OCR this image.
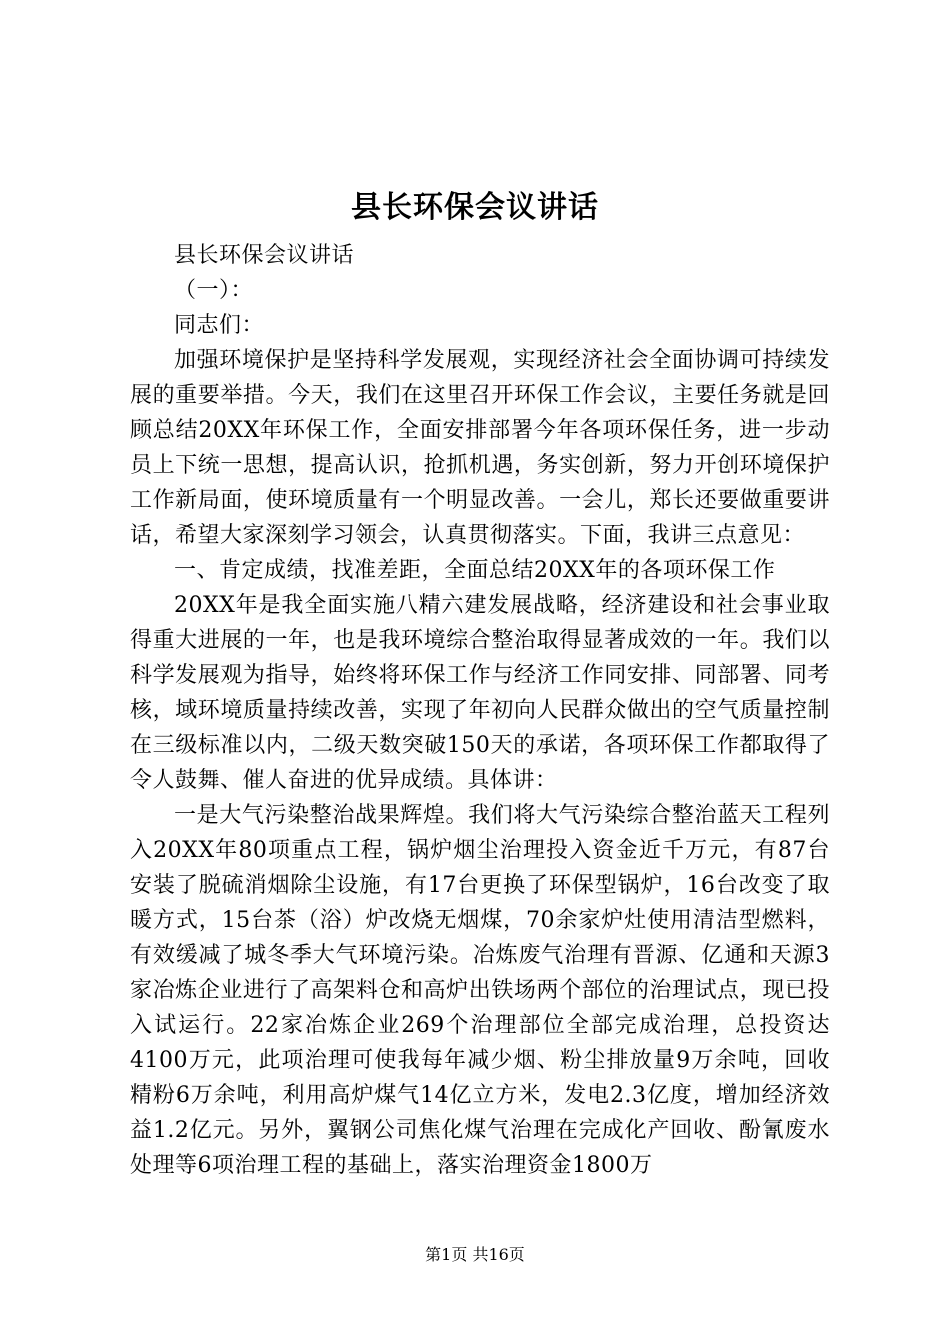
县长环保会议讲话

县长环保会议讲话

（一）：

同志们：

加强环境保护是坚持科学发展观，实现经济社会全面协调可持续发展的重要举措。今天，我们在这里召开环保工作会议，主要任务就是回顾总结20XX年环保工作，全面安排部署今年各项环保任务，进一步动员上下统一思想，提高认识，抢抓机遇，务实创新，努力开创环境保护工作新局面，使环境质量有一个明显改善。一会儿，郑长还要做重要讲话，希望大家深刻学习领会，认真贯彻落实。下面，我讲三点意见：

一、肯定成绩，找准差距，全面总结20XX年的各项环保工作

20XX年是我全面实施八精六建发展战略，经济建设和社会事业取得重大进展的一年，也是我环境综合整治取得显著成效的一年。我们以科学发展观为指导，始终将环保工作与经济工作同安排、同部署、同考核，域环境质量持续改善，实现了年初向人民群众做出的空气质量控制在三级标准以内，二级天数突破150天的承诺，各项环保工作都取得了令人鼓舞、催人奋进的优异成绩。具体讲：

一是大气污染整治战果辉煌。我们将大气污染综合整治蓝天工程列入20XX年80项重点工程，锅炉烟尘治理投入资金近千万元，有87台安装了脱硫消烟除尘设施，有17台更换了环保型锅炉，16台改变了取暖方式，15台茶（浴）炉改烧无烟煤，70余家炉灶使用清洁型燃料，有效缓减了城冬季大气环境污染。冶炼废气治理有晋源、亿通和天源3家冶炼企业进行了高架料仓和高炉出铁场两个部位的治理试点，现已投入试运行。22家冶炼企业269个治理部位全部完成治理，总投资达4100万元，此项治理可使我每年减少烟、粉尘排放量9万余吨，回收精粉6万余吨，利用高炉煤气14亿立方米，发电2.3亿度，增加经济效益1.2亿元。另外，翼钢公司焦化煤气治理在完成化产回收、酚氰废水处理等6项治理工程的基础上，落实治理资金1800万

第1页 共16页
